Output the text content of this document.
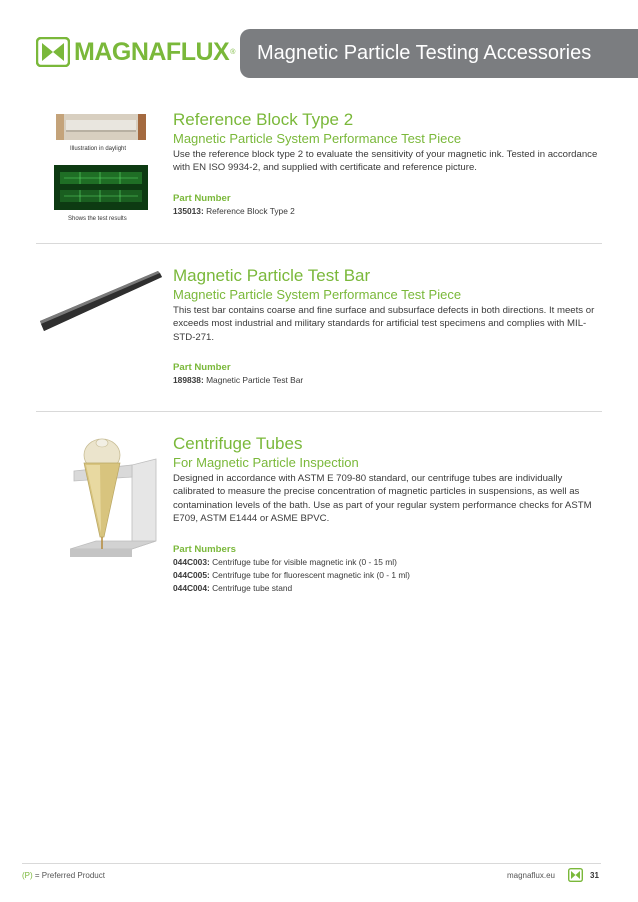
MAGNAFLUX ® Magnetic Particle Testing Accessories
Illustration in daylight
Shows the test results
Reference Block Type 2
Magnetic Particle System Performance Test Piece
Use the reference block type 2 to evaluate the sensitivity of your magnetic ink. Tested in accordance with EN ISO 9934-2, and supplied with certificate and reference picture.
Part Number
135013: Reference Block Type 2
Magnetic Particle Test Bar
Magnetic Particle System Performance Test Piece
This test bar contains coarse and fine surface and subsurface defects in both directions. It meets or exceeds most industrial and military standards for artificial test specimens and complies with MIL-STD-271.
Part Number
189838: Magnetic Particle Test Bar
Centrifuge Tubes
For Magnetic Particle Inspection
Designed in accordance with ASTM E 709-80 standard, our centrifuge tubes are individually calibrated to measure the precise concentration of magnetic particles in suspensions, as well as contamination levels of the bath. Use as part of your regular system performance checks for ASTM E709, ASTM E1444 or ASME BPVC.
Part Numbers
044C003: Centrifuge tube for visible magnetic ink (0 - 15 ml)
044C005: Centrifuge tube for fluorescent magnetic ink (0 - 1 ml)
044C004: Centrifuge tube stand
(P) = Preferred Product	magnaflux.eu	31
